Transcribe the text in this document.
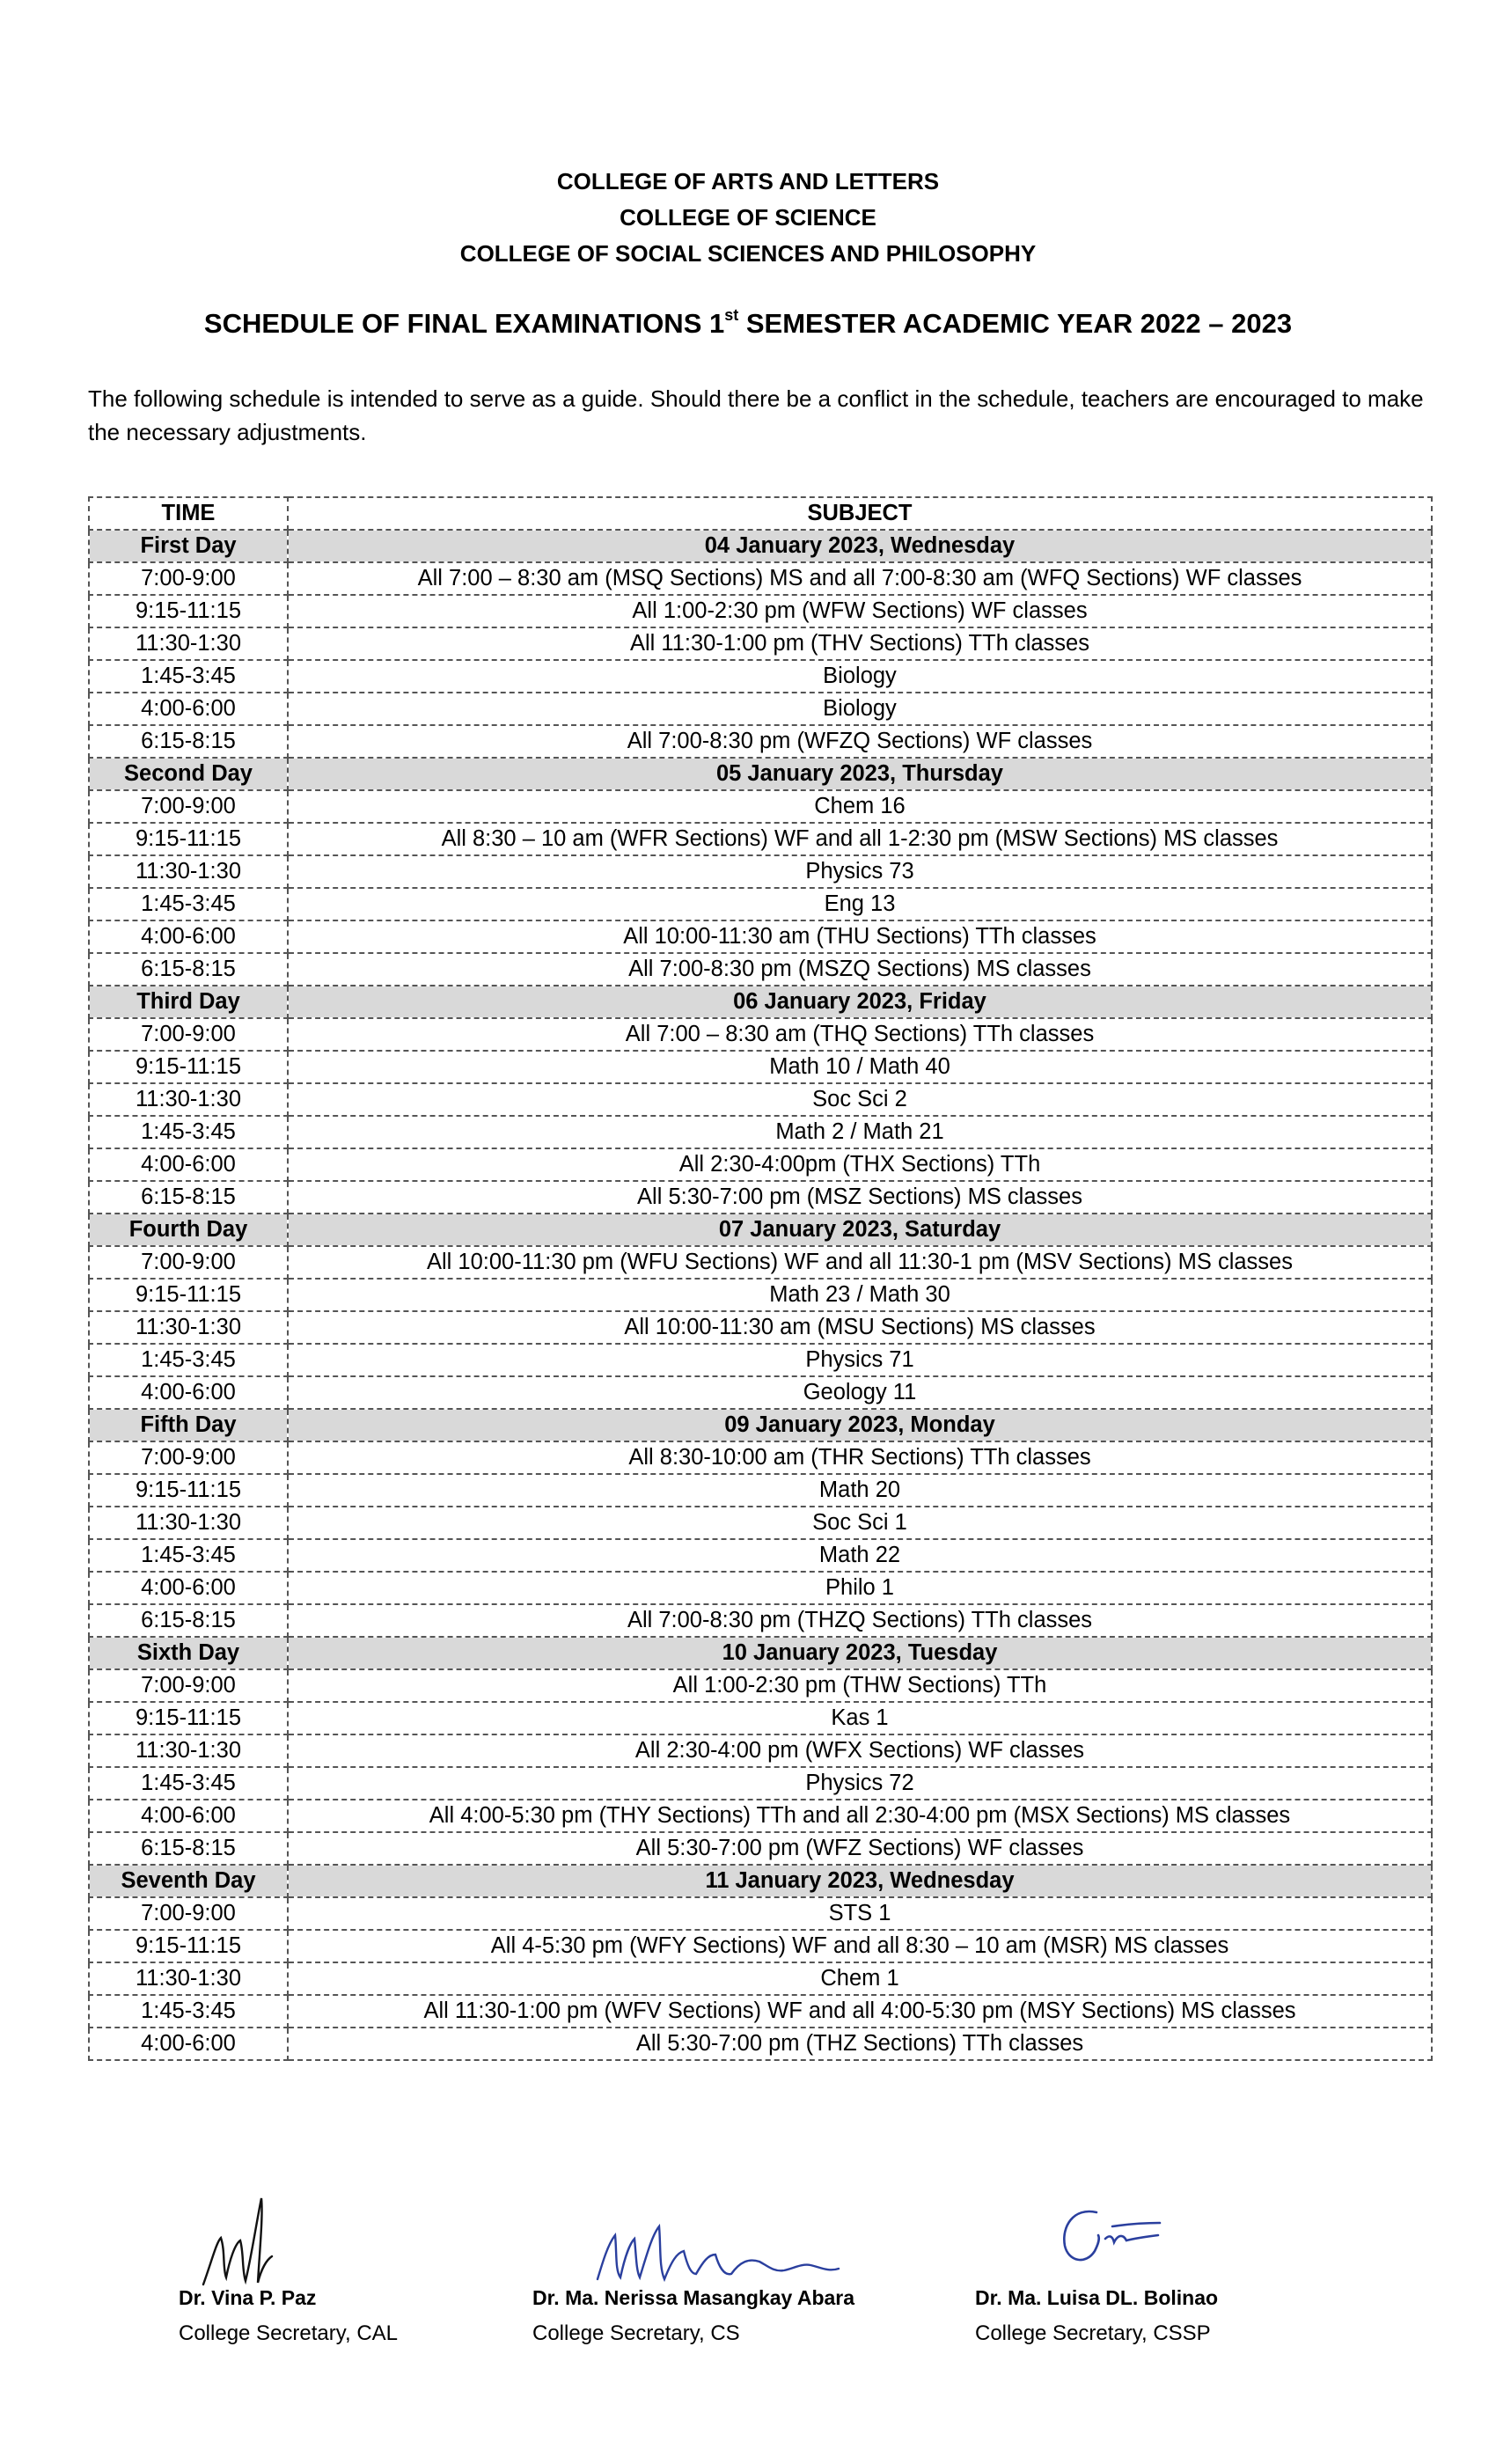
COLLEGE OF ARTS AND LETTERS
COLLEGE OF SCIENCE
COLLEGE OF SOCIAL SCIENCES AND PHILOSOPHY
SCHEDULE OF FINAL EXAMINATIONS 1st SEMESTER ACADEMIC YEAR 2022 – 2023
The following schedule is intended to serve as a guide. Should there be a conflict in the schedule, teachers are encouraged to make the necessary adjustments.
TIME	SUBJECT
First Day	04 January 2023, Wednesday
7:00-9:00	All 7:00 – 8:30 am (MSQ Sections) MS and all 7:00-8:30 am (WFQ Sections) WF classes
9:15-11:15	All 1:00-2:30 pm (WFW Sections) WF classes
11:30-1:30	All 11:30-1:00 pm (THV Sections) TTh classes
1:45-3:45	Biology
4:00-6:00	Biology
6:15-8:15	All 7:00-8:30 pm (WFZQ Sections) WF classes
Second Day	05 January 2023, Thursday
7:00-9:00	Chem 16
9:15-11:15	All 8:30 – 10 am (WFR Sections) WF and all 1-2:30 pm (MSW Sections) MS classes
11:30-1:30	Physics 73
1:45-3:45	Eng 13
4:00-6:00	All 10:00-11:30 am (THU Sections) TTh classes
6:15-8:15	All 7:00-8:30 pm (MSZQ Sections) MS classes
Third Day	06 January 2023, Friday
7:00-9:00	All 7:00 – 8:30 am (THQ Sections) TTh classes
9:15-11:15	Math 10 / Math 40
11:30-1:30	Soc Sci 2
1:45-3:45	Math 2 / Math 21
4:00-6:00	All 2:30-4:00pm (THX Sections) TTh
6:15-8:15	All 5:30-7:00 pm (MSZ Sections) MS classes
Fourth Day	07 January 2023, Saturday
7:00-9:00	All 10:00-11:30 pm (WFU Sections) WF and all 11:30-1 pm (MSV Sections) MS classes
9:15-11:15	Math 23 / Math 30
11:30-1:30	All 10:00-11:30 am (MSU Sections) MS classes
1:45-3:45	Physics 71
4:00-6:00	Geology 11
Fifth Day	09 January 2023, Monday
7:00-9:00	All 8:30-10:00 am (THR Sections) TTh classes
9:15-11:15	Math 20
11:30-1:30	Soc Sci 1
1:45-3:45	Math 22
4:00-6:00	Philo 1
6:15-8:15	All 7:00-8:30 pm (THZQ Sections) TTh classes
Sixth Day	10 January 2023, Tuesday
7:00-9:00	All 1:00-2:30 pm (THW Sections) TTh
9:15-11:15	Kas 1
11:30-1:30	All 2:30-4:00 pm (WFX Sections) WF classes
1:45-3:45	Physics 72
4:00-6:00	All 4:00-5:30 pm (THY Sections) TTh and all 2:30-4:00 pm (MSX Sections) MS classes
6:15-8:15	All 5:30-7:00 pm (WFZ Sections) WF classes
Seventh Day	11 January 2023, Wednesday
7:00-9:00	STS 1
9:15-11:15	All 4-5:30 pm (WFY Sections) WF and all 8:30 – 10 am (MSR) MS classes
11:30-1:30	Chem 1
1:45-3:45	All 11:30-1:00 pm (WFV Sections) WF and all 4:00-5:30 pm (MSY Sections) MS classes
4:00-6:00	All 5:30-7:00 pm (THZ Sections) TTh classes
Dr. Vina P. Paz
College Secretary, CAL
Dr. Ma. Nerissa Masangkay Abara
College Secretary, CS
Dr. Ma. Luisa DL. Bolinao
College Secretary, CSSP
